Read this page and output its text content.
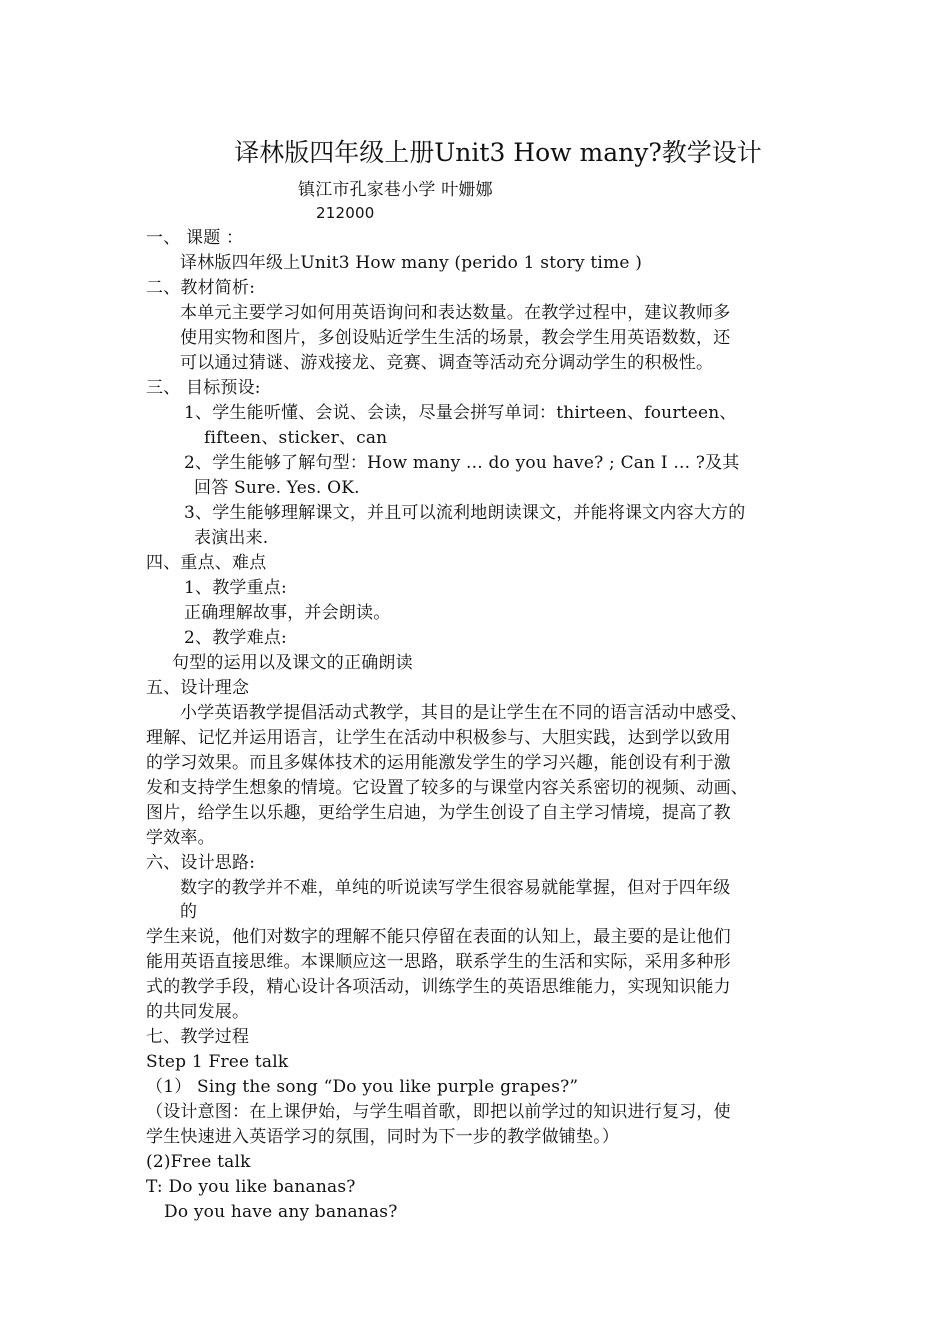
译林版四年级上册Unit3 How many?教学设计
镇江市孔家巷小学 叶姗娜
212000
一、 课题 ：
译林版四年级上Unit3 How many (perido 1 story time )
二、教材简析:
本单元主要学习如何用英语询问和表达数量。在教学过程中，建议教师多
使用实物和图片，多创设贴近学生生活的场景，教会学生用英语数数，还
可以通过猜谜、游戏接龙、竞赛、调查等活动充分调动学生的积极性。
三、 目标预设:
1、学生能听懂、会说、会读，尽量会拼写单词：thirteen、fourteen、
fifteen、sticker、can
2、学生能够了解句型：How many ... do you have? ; Can I ... ?及其
回答 Sure. Yes. OK.
3、学生能够理解课文，并且可以流利地朗读课文，并能将课文内容大方的
表演出来.
四、重点、难点
1、教学重点:
正确理解故事，并会朗读。
2、教学难点:
句型的运用以及课文的正确朗读
五、设计理念
小学英语教学提倡活动式教学，其目的是让学生在不同的语言活动中感受、
理解、记忆并运用语言，让学生在活动中积极参与、大胆实践，达到学以致用
的学习效果。而且多媒体技术的运用能激发学生的学习兴趣，能创设有利于激
发和支持学生想象的情境。它设置了较多的与课堂内容关系密切的视频、动画、
图片，给学生以乐趣，更给学生启迪，为学生创设了自主学习情境，提高了教
学效率。
六、设计思路:
数字的教学并不难，单纯的听说读写学生很容易就能掌握，但对于四年级
的
学生来说，他们对数字的理解不能只停留在表面的认知上，最主要的是让他们
能用英语直接思维。本课顺应这一思路，联系学生的生活和实际，采用多种形
式的教学手段，精心设计各项活动，训练学生的英语思维能力，实现知识能力
的共同发展。
七、教学过程
Step 1 Free talk
（1） Sing the song “Do you like purple grapes?”
（设计意图：在上课伊始，与学生唱首歌，即把以前学过的知识进行复习，使
学生快速进入英语学习的氛围，同时为下一步的教学做铺垫。）
(2)Free talk
T: Do you like bananas?
Do you have any bananas?
